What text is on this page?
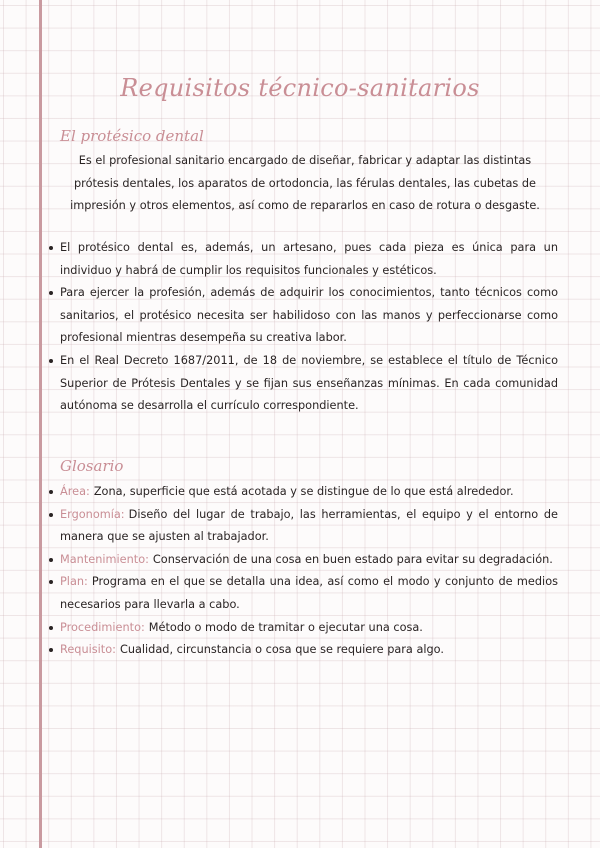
Requisitos técnico-sanitarios
El protésico dental
Es el profesional sanitario encargado de diseñar, fabricar y adaptar las distintas prótesis dentales, los aparatos de ortodoncia, las férulas dentales, las cubetas de impresión y otros elementos, así como de repararlos en caso de rotura o desgaste.
El protésico dental es, además, un artesano, pues cada pieza es única para un individuo y habrá de cumplir los requisitos funcionales y estéticos.
Para ejercer la profesión, además de adquirir los conocimientos, tanto técnicos como sanitarios, el protésico necesita ser habilidoso con las manos y perfeccionarse como profesional mientras desempeña su creativa labor.
En el Real Decreto 1687/2011, de 18 de noviembre, se establece el título de Técnico Superior de Prótesis Dentales y se fijan sus enseñanzas mínimas. En cada comunidad autónoma se desarrolla el currículo correspondiente.
Glosario
Área: Zona, superficie que está acotada y se distingue de lo que está alrededor.
Ergonomía: Diseño del lugar de trabajo, las herramientas, el equipo y el entorno de manera que se ajusten al trabajador.
Mantenimiento: Conservación de una cosa en buen estado para evitar su degradación.
Plan: Programa en el que se detalla una idea, así como el modo y conjunto de medios necesarios para llevarla a cabo.
Procedimiento: Método o modo de tramitar o ejecutar una cosa.
Requisito: Cualidad, circunstancia o cosa que se requiere para algo.
